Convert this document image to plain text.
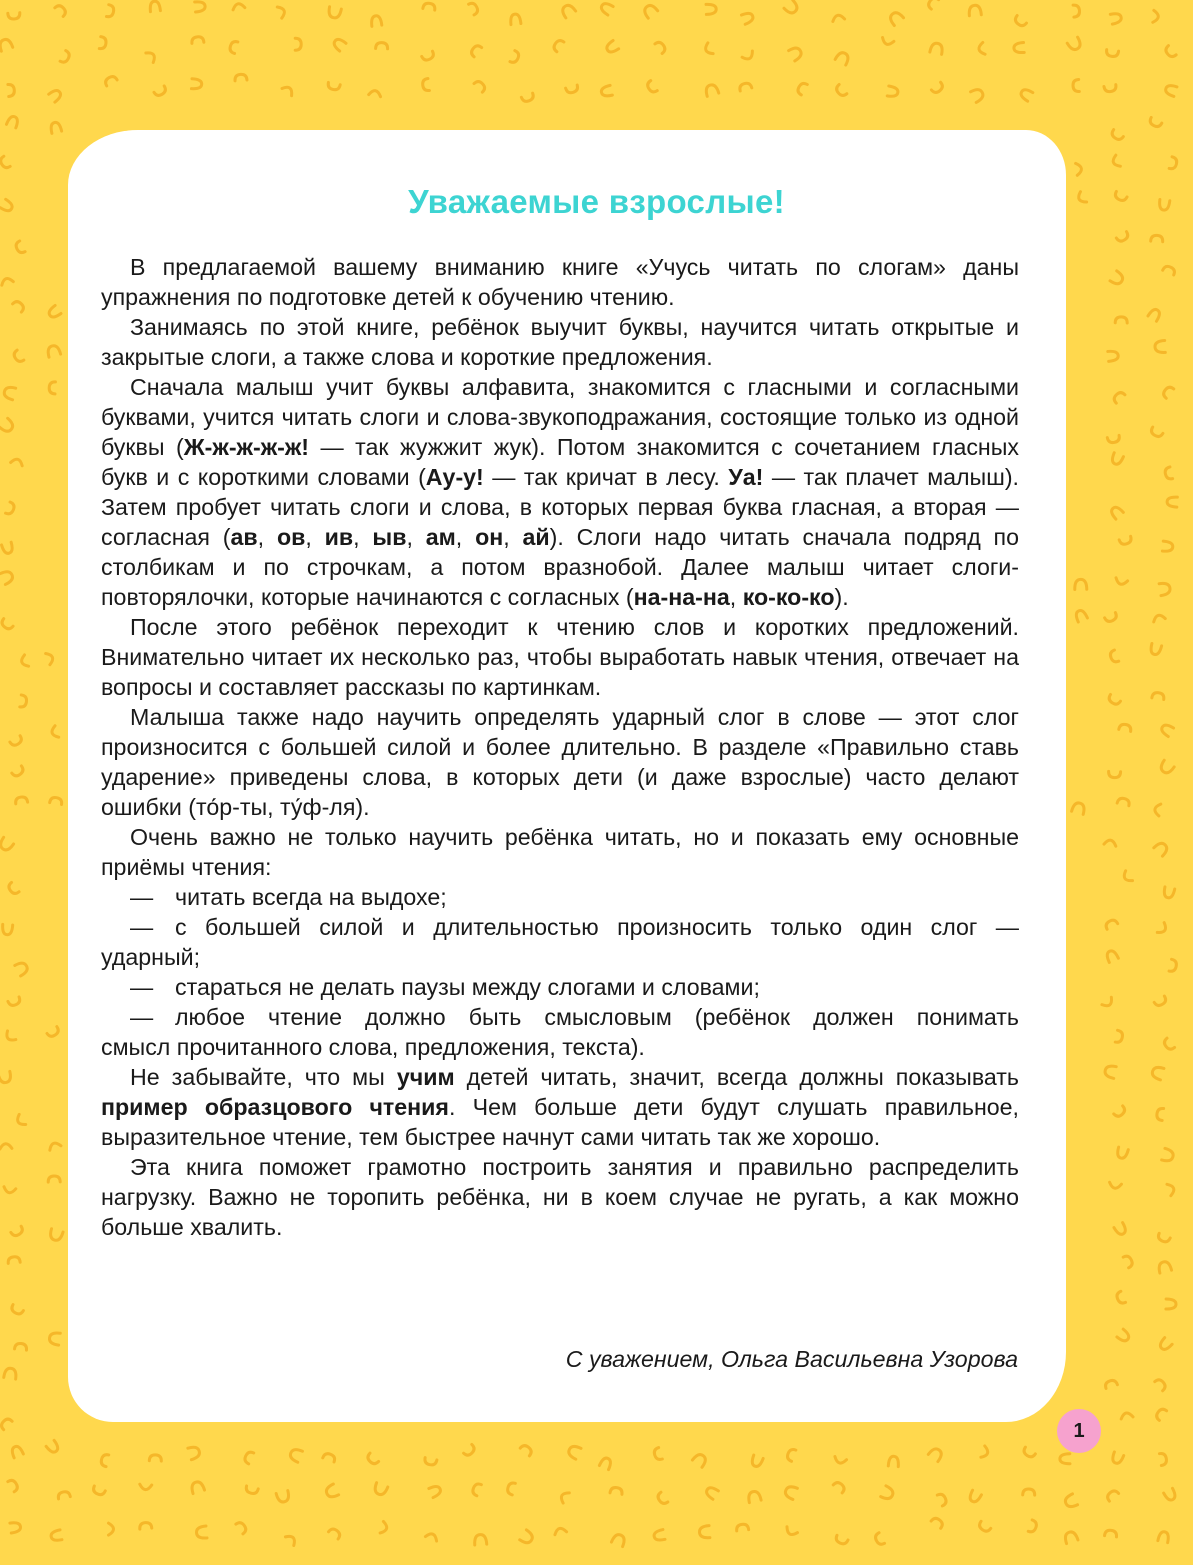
Уважаемые взрослые!

В предлагаемой вашему вниманию книге «Учусь читать по слогам» даны упражнения по подготовке детей к обучению чтению.

Занимаясь по этой книге, ребёнок выучит буквы, научится читать открытые и закрытые слоги, а также слова и короткие предложения.

Сначала малыш учит буквы алфавита, знакомится с гласными и согласными буквами, учится читать слоги и слова-звукоподражания, состоящие только из одной буквы (Ж-ж-ж-ж-ж! — так жужжит жук). Потом знакомится с сочетанием гласных букв и с короткими словами (Ау-у! — так кричат в лесу. Уа! — так плачет малыш). Затем пробует читать слоги и слова, в которых первая буква гласная, а вторая — согласная (ав, ов, ив, ыв, ам, он, ай). Слоги надо читать сначала подряд по столбикам и по строчкам, а потом вразнобой. Далее малыш читает слоги-повторялочки, которые начинаются с согласных (на-на-на, ко-ко-ко).

После этого ребёнок переходит к чтению слов и коротких предложений. Внимательно читает их несколько раз, чтобы выработать навык чтения, отвечает на вопросы и составляет рассказы по картинкам.

Малыша также надо научить определять ударный слог в слове — этот слог произносится с большей силой и более длительно. В разделе «Правильно ставь ударение» приведены слова, в которых дети (и даже взрослые) часто делают ошибки (то́р-ты, ту́ф-ля).

Очень важно не только научить ребёнка читать, но и показать ему основные приёмы чтения:

— читать всегда на выдохе;
— с большей силой и длительностью произносить только один слог —
ударный;
— стараться не делать паузы между слогами и словами;
— любое чтение должно быть смысловым (ребёнок должен понимать
смысл прочитанного слова, предложения, текста).

Не забывайте, что мы учим детей читать, значит, всегда должны показывать пример образцового чтения. Чем больше дети будут слушать правильное, выразительное чтение, тем быстрее начнут сами читать так же хорошо.

Эта книга поможет грамотно построить занятия и правильно распределить нагрузку. Важно не торопить ребёнка, ни в коем случае не ругать, а как можно больше хвалить.

С уважением, Ольга Васильевна Узорова
1
